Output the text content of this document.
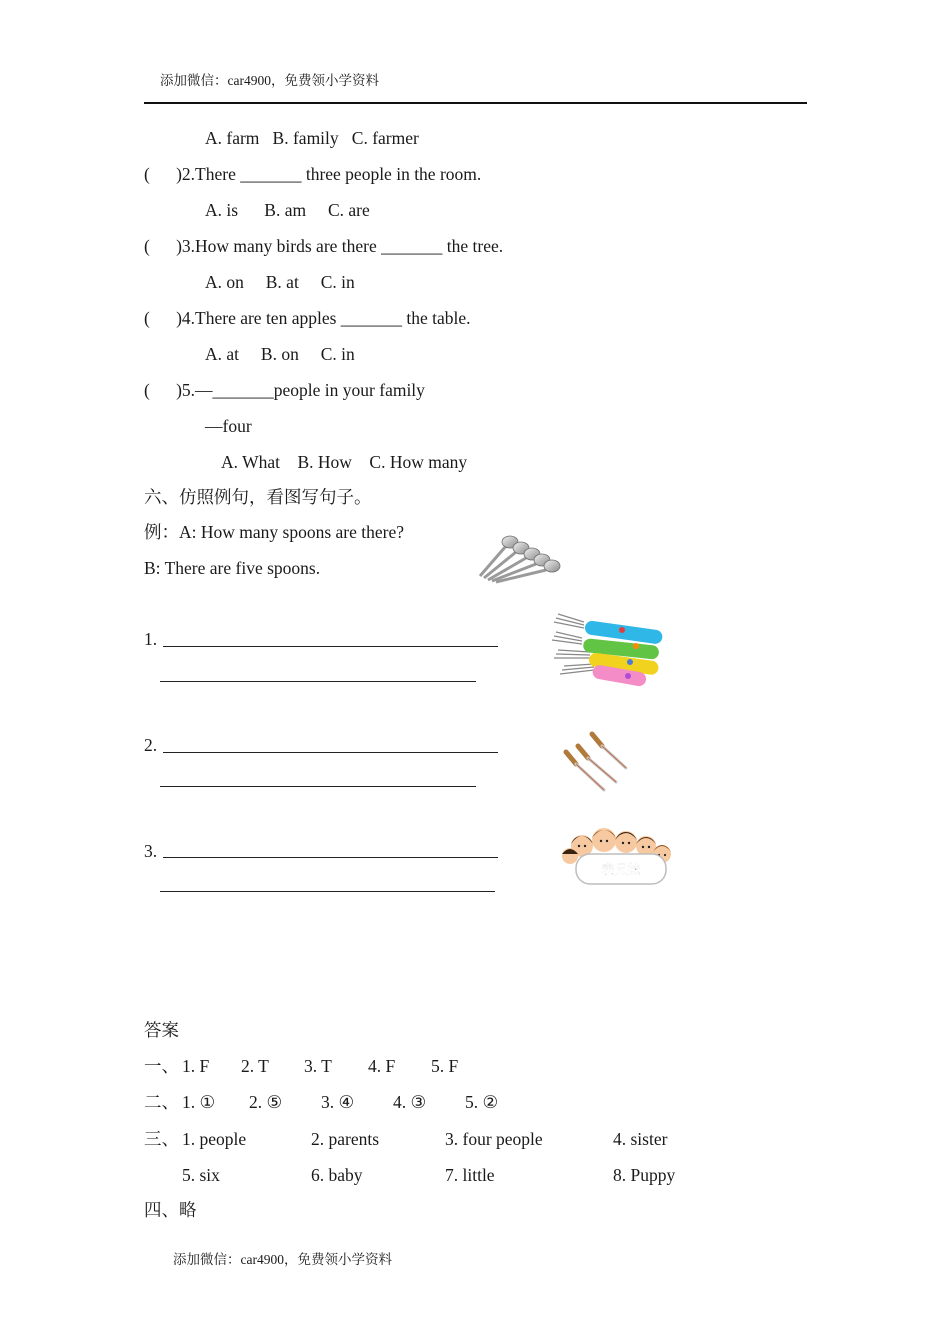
添加微信：car4900，免费领小学资料
A. farm   B. family   C. farmer
(      )2.There _______ three people in the room.
A. is      B. am     C. are
(      )3.How many birds are there _______ the tree.
A. on     B. at     C. in
(      )4.There are ten apples _______ the table.
A. at     B. on     C. in
(      )5.—_______people in your family
—four
A. What    B. How    C. How many
六、仿照例句，看图写句子。
例：A: How many spoons are there?
B: There are five spoons.
1.
2.
3.
表兄妹
答案
一、 1. F 2. T 3. T 4. F 5. F
二、 1. ① 2. ⑤ 3. ④ 4. ③ 5. ②
三、 1. people	2. parents	3. four people	4. sister
5. six	6. baby	7. little	8. Puppy
四、略
添加微信：car4900，免费领小学资料
